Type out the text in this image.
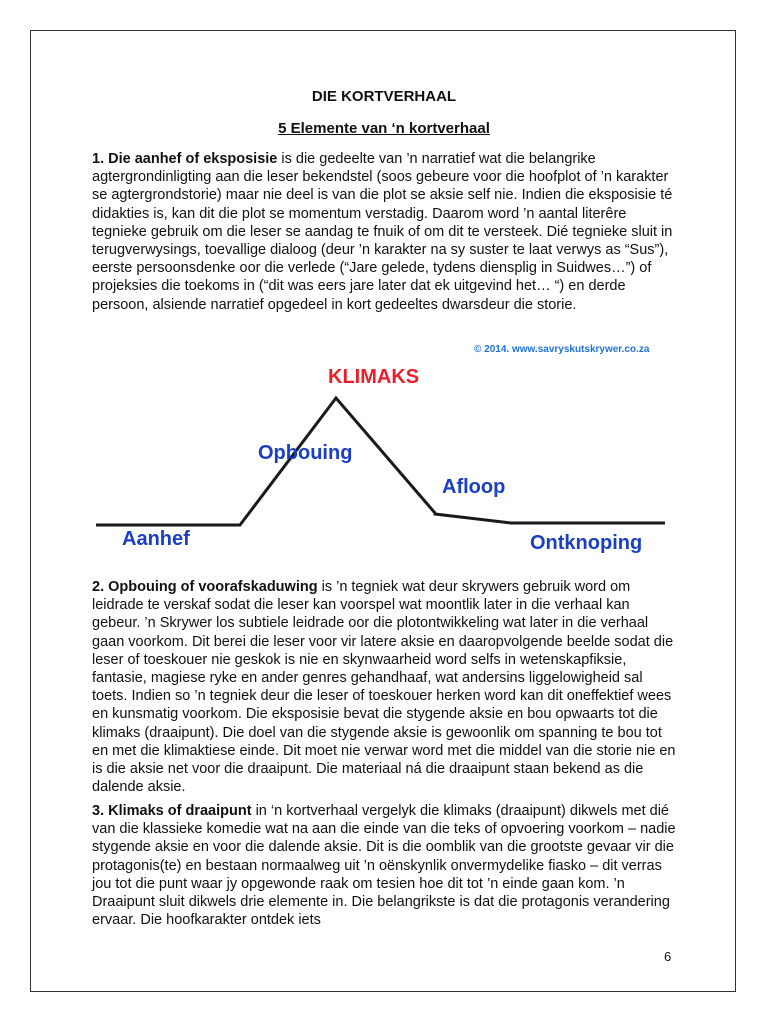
DIE KORTVERHAAL
5 Elemente van ‘n kortverhaal

1. Die aanhef of eksposisie is die gedeelte van ’n narratief wat die belangrike agtergrondinligting aan die leser bekendstel (soos gebeure voor die hoofplot of ’n karakter se agtergrondstorie) maar nie deel is van die plot se aksie self nie. Indien die eksposisie té didakties is, kan dit die plot se momentum verstadig. Daarom word ’n aantal literêre tegnieke gebruik om die leser se aandag te fnuik of om dit te versteek. Dié tegnieke sluit in terugverwysings, toevallige dialoog (deur ’n karakter na sy suster te laat verwys as “Sus”), eerste persoonsdenke oor die verlede (“Jare gelede, tydens diensplig in Suidwes…”) of projeksies die toekoms in (“dit was eers jare later dat ek uitgevind het… “) en derde persoon, alsiende narratief opgedeel in kort gedeeltes dwarsdeur die storie.

© 2014. www.savryskutskrywer.co.za
KLIMAKS
Opbouing
Afloop
Aanhef	Ontknoping

2. Opbouing of voorafskaduwing is ’n tegniek wat deur skrywers gebruik word om leidrade te verskaf sodat die leser kan voorspel wat moontlik later in die verhaal kan gebeur. ’n Skrywer los subtiele leidrade oor die plotontwikkeling wat later in die verhaal gaan voorkom. Dit berei die leser voor vir latere aksie en daaropvolgende beelde sodat die leser of toeskouer nie geskok is nie en skynwaarheid word selfs in wetenskapfiksie, fantasie, magiese ryke en ander genres gehandhaaf, wat andersins liggelowigheid sal toets. Indien so ’n tegniek deur die leser of toeskouer herken word kan dit oneffektief wees en kunsmatig voorkom. Die eksposisie bevat die stygende aksie en bou opwaarts tot die klimaks (draaipunt). Die doel van die stygende aksie is gewoonlik om spanning te bou tot en met die klimaktiese einde. Dit moet nie verwar word met die middel van die storie nie en is die aksie net voor die draaipunt. Die materiaal ná die draaipunt staan bekend as die dalende aksie.

3. Klimaks of draaipunt in ‘n kortverhaal vergelyk die klimaks (draaipunt) dikwels met dié van die klassieke komedie wat na aan die einde van die teks of opvoering voorkom – nadie stygende aksie en voor die dalende aksie. Dit is die oomblik van die grootste gevaar vir die protagonis(te) en bestaan normaalweg uit ’n oënskynlik onvermydelike fiasko – dit verras jou tot die punt waar jy opgewonde raak om tesien hoe dit tot ’n einde gaan kom. ’n Draaipunt sluit dikwels drie elemente in. Die belangrikste is dat die protagonis verandering ervaar. Die hoofkarakter ontdek iets

6
